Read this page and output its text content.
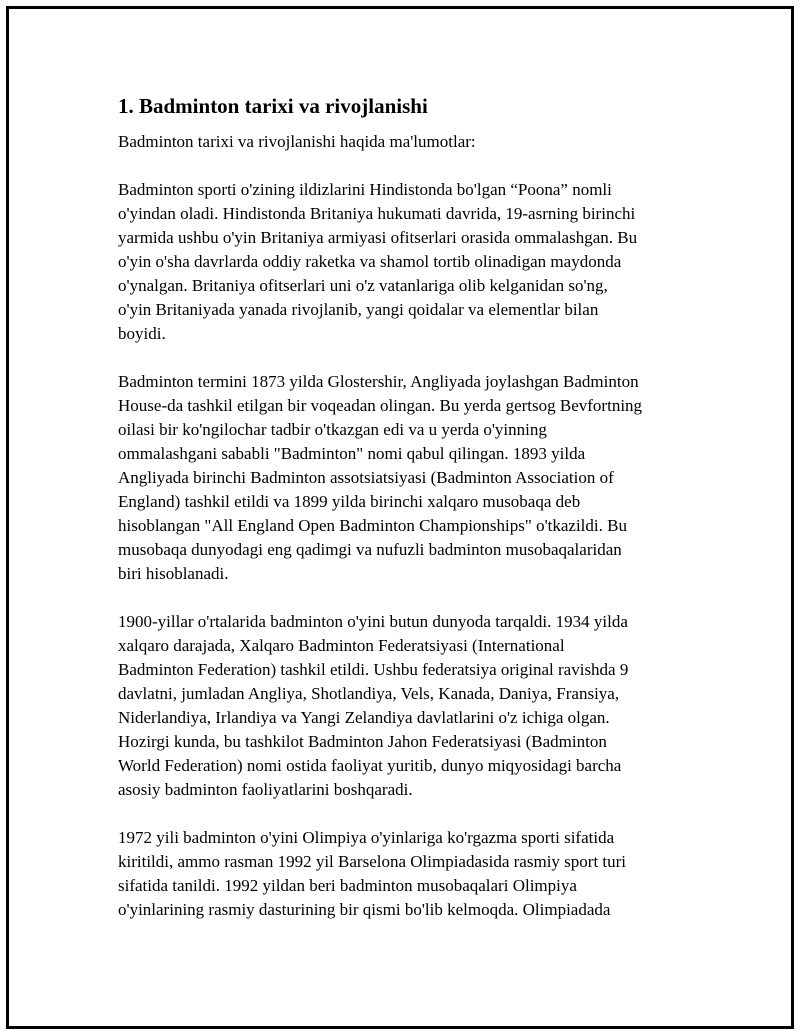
1. Badminton tarixi va rivojlanishi

Badminton tarixi va rivojlanishi haqida ma'lumotlar:

Badminton sporti o'zining ildizlarini Hindistonda bo'lgan “Poona” nomli
o'yindan oladi. Hindistonda Britaniya hukumati davrida, 19-asrning birinchi
yarmida ushbu o'yin Britaniya armiyasi ofitserlari orasida ommalashgan. Bu
o'yin o'sha davrlarda oddiy raketka va shamol tortib olinadigan maydonda
o'ynalgan. Britaniya ofitserlari uni o'z vatanlariga olib kelganidan so'ng,
o'yin Britaniyada yanada rivojlanib, yangi qoidalar va elementlar bilan
boyidi.

Badminton termini 1873 yilda Glostershir, Angliyada joylashgan Badminton
House-da tashkil etilgan bir voqeadan olingan. Bu yerda gertsog Bevfortning
oilasi bir ko'ngilochar tadbir o'tkazgan edi va u yerda o'yinning
ommalashgani sababli "Badminton" nomi qabul qilingan. 1893 yilda
Angliyada birinchi Badminton assotsiatsiyasi (Badminton Association of
England) tashkil etildi va 1899 yilda birinchi xalqaro musobaqa deb
hisoblangan "All England Open Badminton Championships" o'tkazildi. Bu
musobaqa dunyodagi eng qadimgi va nufuzli badminton musobaqalaridan
biri hisoblanadi.

1900-yillar o'rtalarida badminton o'yini butun dunyoda tarqaldi. 1934 yilda
xalqaro darajada, Xalqaro Badminton Federatsiyasi (International
Badminton Federation) tashkil etildi. Ushbu federatsiya original ravishda 9
davlatni, jumladan Angliya, Shotlandiya, Vels, Kanada, Daniya, Fransiya,
Niderlandiya, Irlandiya va Yangi Zelandiya davlatlarini o'z ichiga olgan.
Hozirgi kunda, bu tashkilot Badminton Jahon Federatsiyasi (Badminton
World Federation) nomi ostida faoliyat yuritib, dunyo miqyosidagi barcha
asosiy badminton faoliyatlarini boshqaradi.

1972 yili badminton o'yini Olimpiya o'yinlariga ko'rgazma sporti sifatida
kiritildi, ammo rasman 1992 yil Barselona Olimpiadasida rasmiy sport turi
sifatida tanildi. 1992 yildan beri badminton musobaqalari Olimpiya
o'yinlarining rasmiy dasturining bir qismi bo'lib kelmoqda. Olimpiadada
